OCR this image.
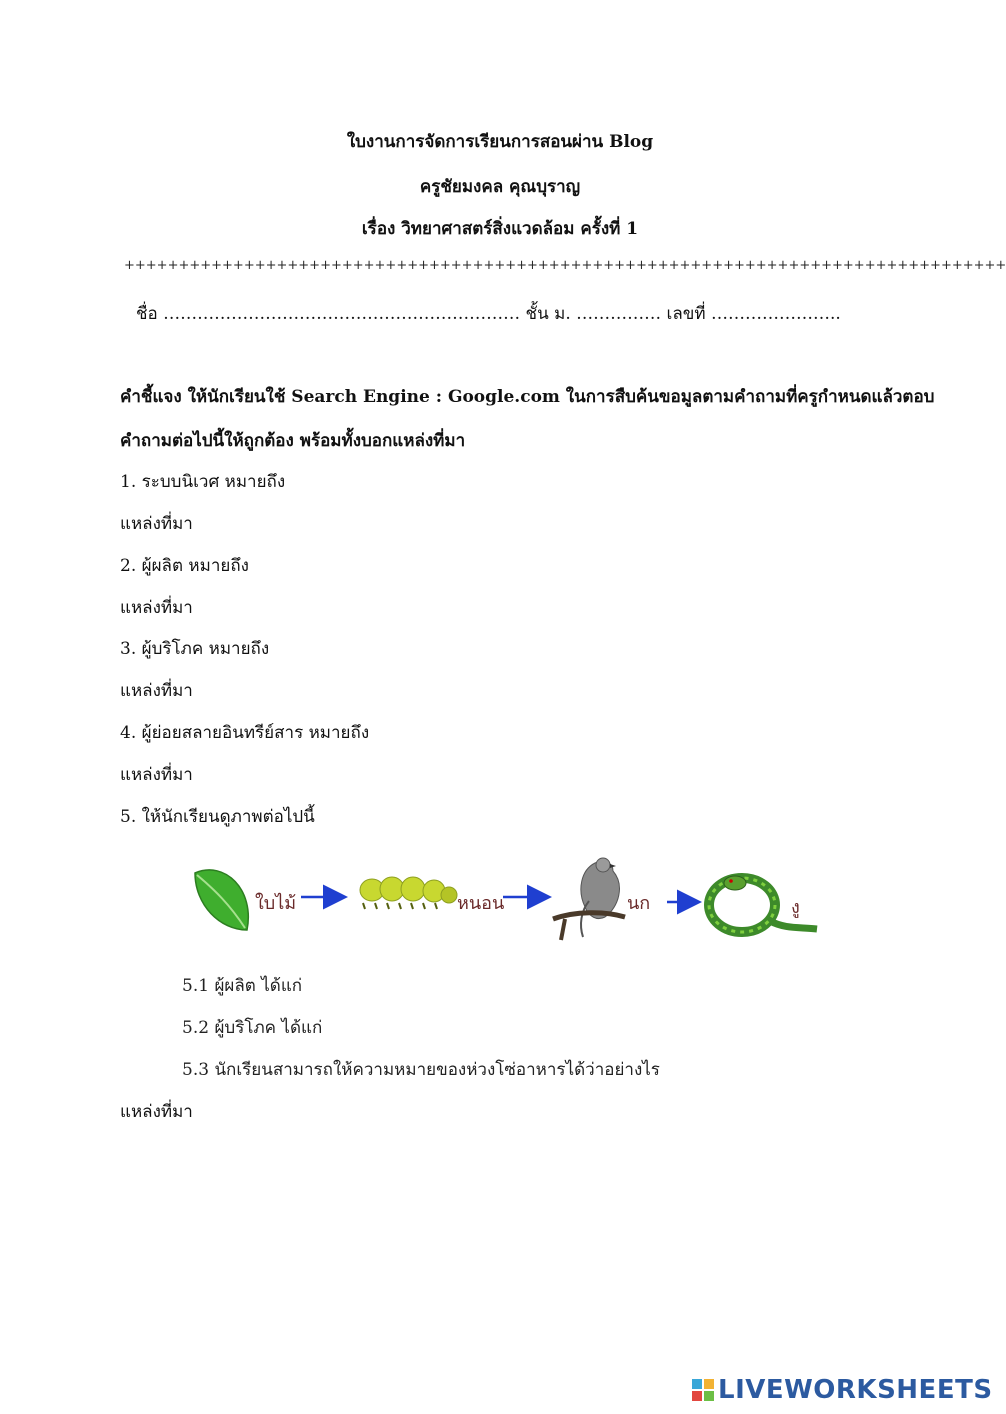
ใบงานการจัดการเรียนการสอนผ่าน Blog
ครูชัยมงคล คุณบุราญ
เรื่อง วิทยาศาสตร์สิ่งแวดล้อม ครั้งที่ 1
+++++++++++++++++++++++++++++++++++++++++++++++++++++++++++++++++++++++++++++++++
ชื่อ ……………………………………………………… ชั้น ม. …………… เลขที่ …………………..
คำชี้แจง ให้นักเรียนใช้ Search Engine : Google.com ในการสืบค้นขอมูลตามคำถามที่ครูกำหนดแล้วตอบ
คำถามต่อไปนี้ให้ถูกต้อง พร้อมทั้งบอกแหล่งที่มา
1. ระบบนิเวศ หมายถึง
แหล่งที่มา
2. ผู้ผลิต หมายถึง
แหล่งที่มา
3. ผู้บริโภค หมายถึง
แหล่งที่มา
4. ผู้ย่อยสลายอินทรีย์สาร หมายถึง
แหล่งที่มา
5. ให้นักเรียนดูภาพต่อไปนี้
ใบไม้	หนอน	นก	งู
5.1 ผู้ผลิต ได้แก่
5.2 ผู้บริโภค ได้แก่
5.3 นักเรียนสามารถให้ความหมายของห่วงโซ่อาหารได้ว่าอย่างไร
แหล่งที่มา
LIVEWORKSHEETS
